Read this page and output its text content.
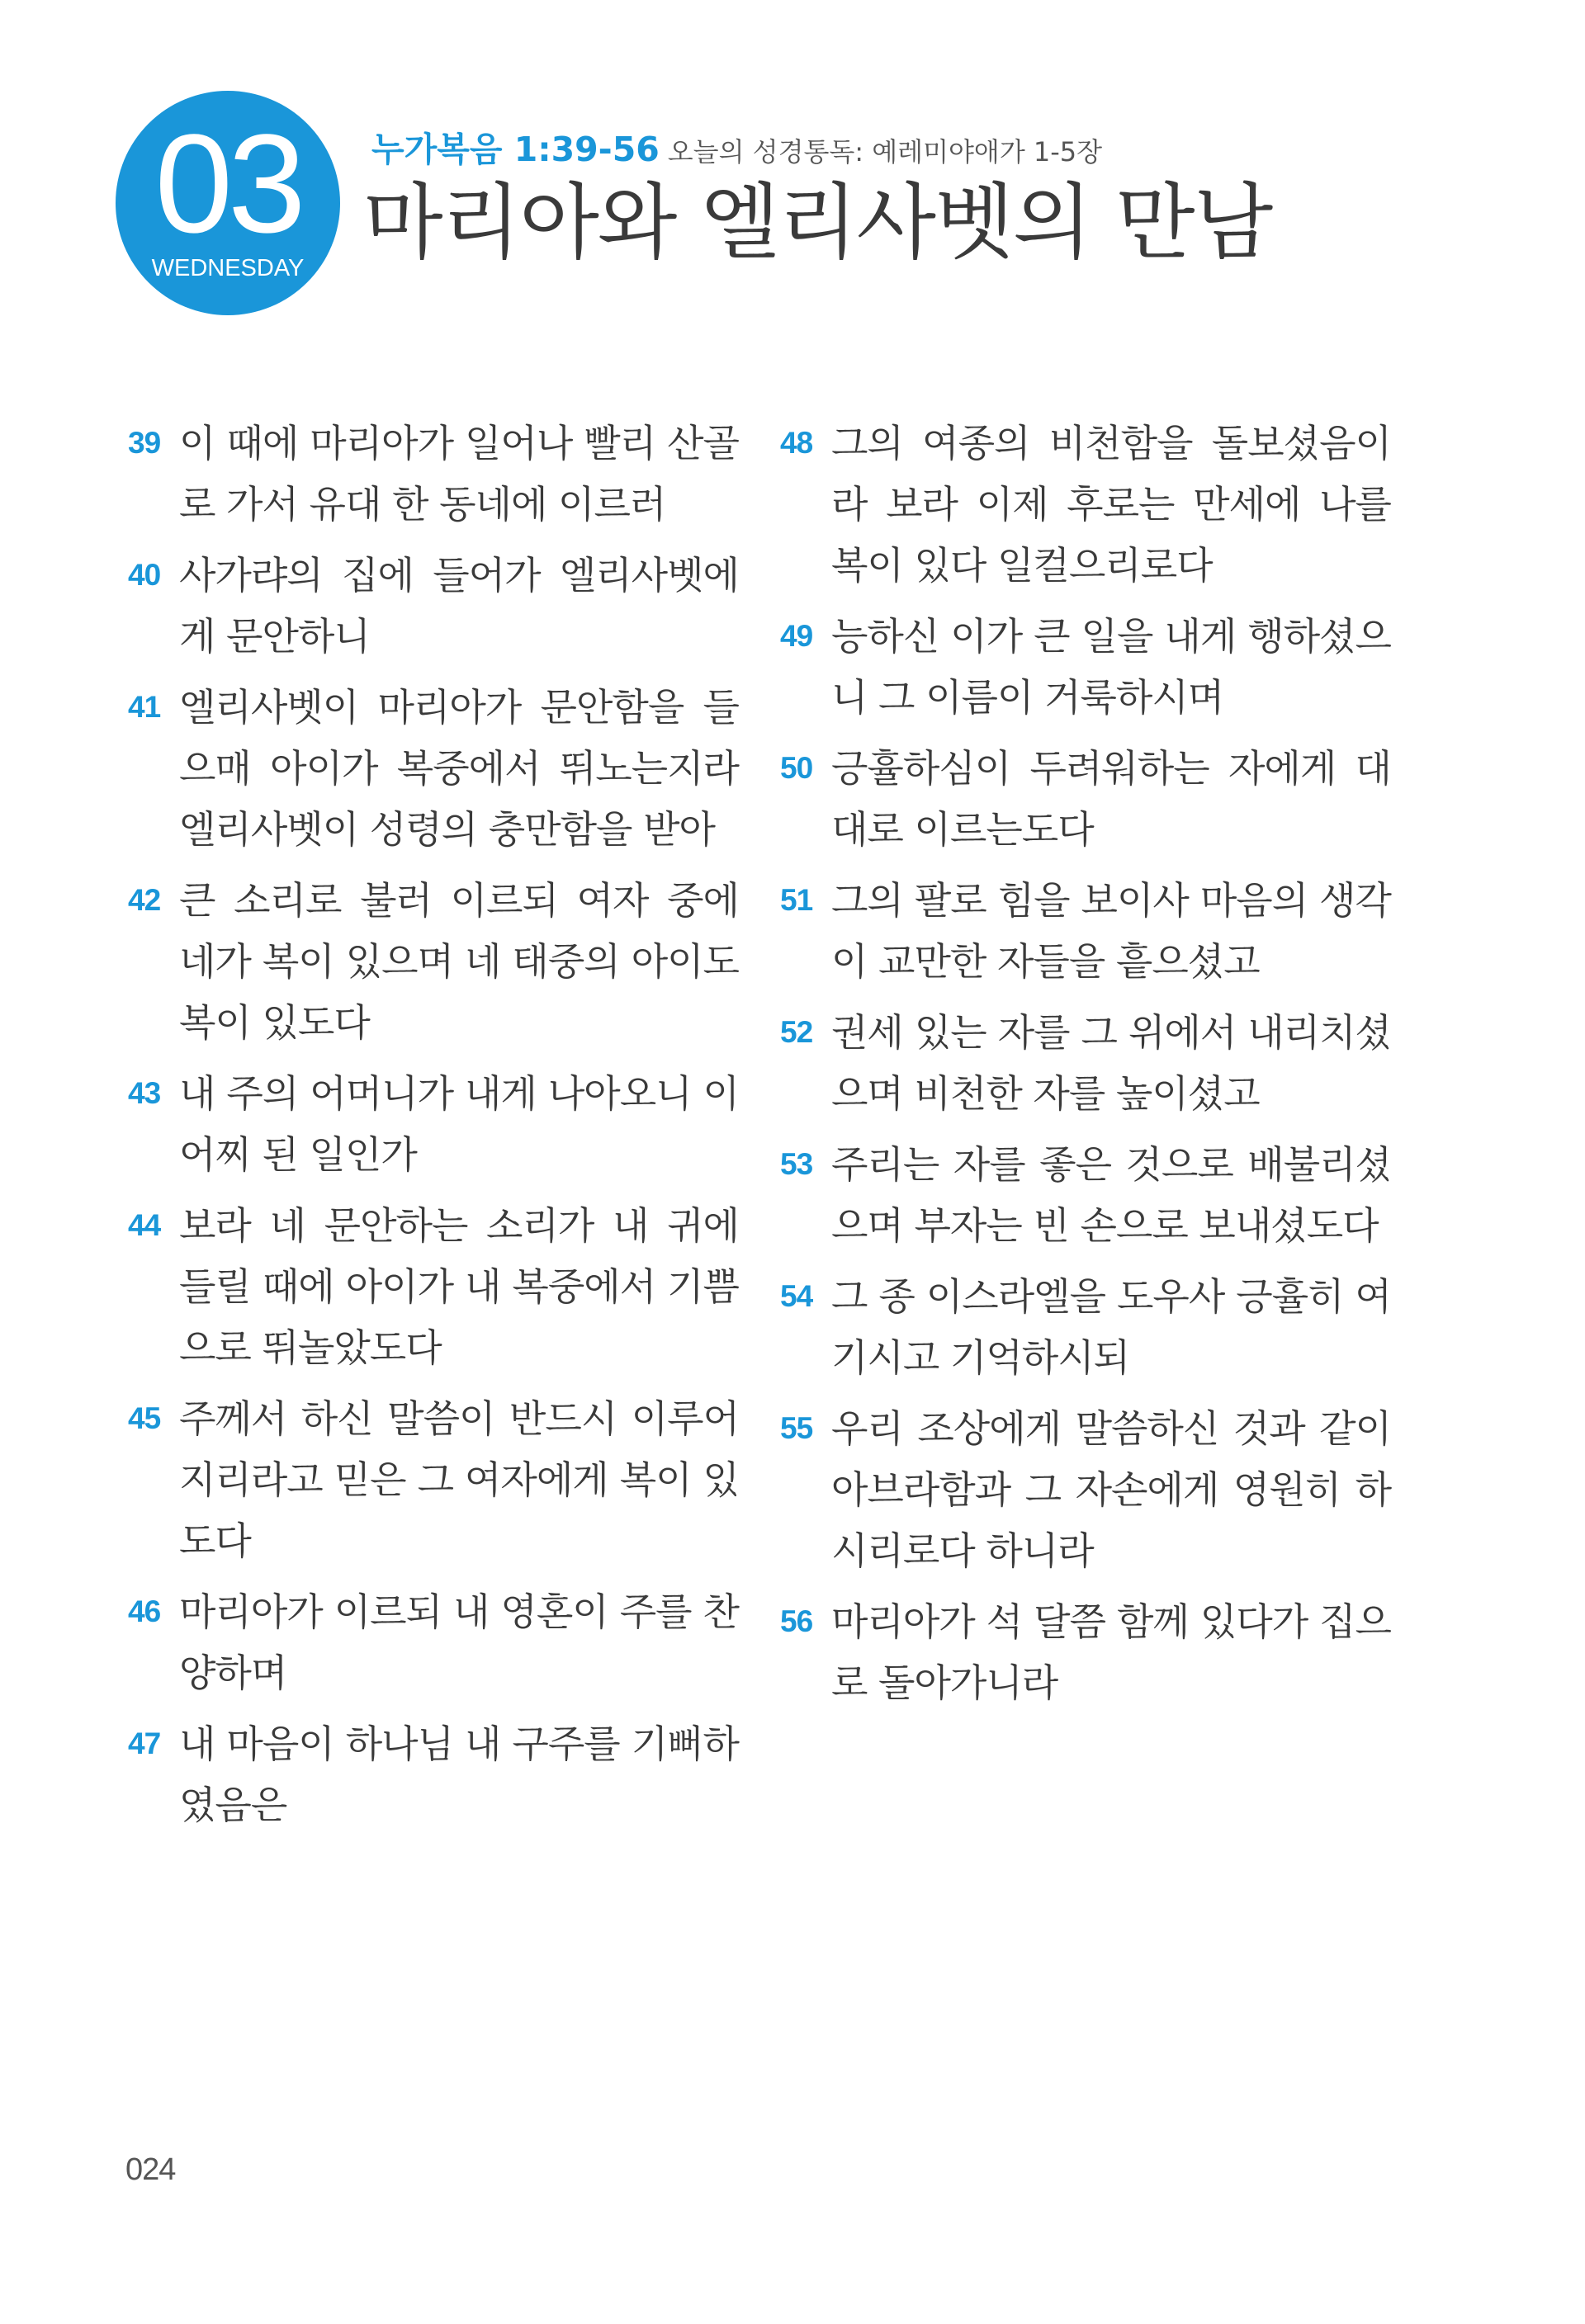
03
WEDNESDAY
누가복음 1:39-56 오늘의 성경통독: 예레미야애가 1-5장
마리아와 엘리사벳의 만남
39 이 때에 마리아가 일어나 빨리 산골로 가서 유대 한 동네에 이르러
40 사가랴의 집에 들어가 엘리사벳에게 문안하니
41 엘리사벳이 마리아가 문안함을 들으매 아이가 복중에서 뛰노는지라 엘리사벳이 성령의 충만함을 받아
42 큰 소리로 불러 이르되 여자 중에 네가 복이 있으며 네 태중의 아이도 복이 있도다
43 내 주의 어머니가 내게 나아오니 이 어찌 된 일인가
44 보라 네 문안하는 소리가 내 귀에 들릴 때에 아이가 내 복중에서 기쁨으로 뛰놀았도다
45 주께서 하신 말씀이 반드시 이루어지리라고 믿은 그 여자에게 복이 있도다
46 마리아가 이르되 내 영혼이 주를 찬양하며
47 내 마음이 하나님 내 구주를 기뻐하였음은
48 그의 여종의 비천함을 돌보셨음이라 보라 이제 후로는 만세에 나를 복이 있다 일컬으리로다
49 능하신 이가 큰 일을 내게 행하셨으니 그 이름이 거룩하시며
50 긍휼하심이 두려워하는 자에게 대대로 이르는도다
51 그의 팔로 힘을 보이사 마음의 생각이 교만한 자들을 흩으셨고
52 권세 있는 자를 그 위에서 내리치셨으며 비천한 자를 높이셨고
53 주리는 자를 좋은 것으로 배불리셨으며 부자는 빈 손으로 보내셨도다
54 그 종 이스라엘을 도우사 긍휼히 여기시고 기억하시되
55 우리 조상에게 말씀하신 것과 같이 아브라함과 그 자손에게 영원히 하시리로다 하니라
56 마리아가 석 달쯤 함께 있다가 집으로 돌아가니라
024
